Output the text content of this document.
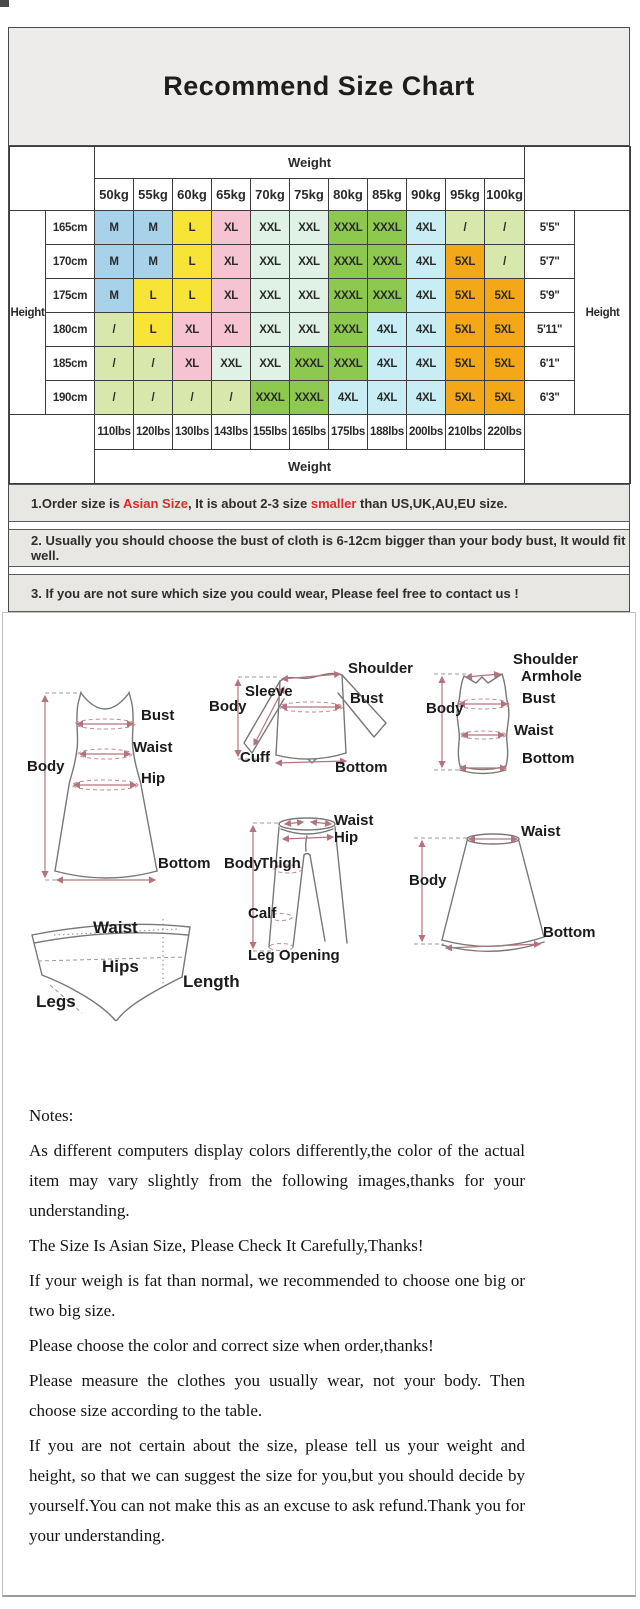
Recommend Size Chart
		Weight												
		50kg	55kg	60kg	65kg	70kg	75kg	80kg	85kg	90kg	95kg	100kg		
Height	165cm	M	M	L	XL	XXL	XXL	XXXL	XXXL	4XL	/	/	5'5"	Height
	170cm	M	M	L	XL	XXL	XXL	XXXL	XXXL	4XL	5XL	/	5'7"	
	175cm	M	L	L	XL	XXL	XXL	XXXL	XXXL	4XL	5XL	5XL	5'9"	
	180cm	/	L	XL	XL	XXL	XXL	XXXL	4XL	4XL	5XL	5XL	5'11"	
	185cm	/	/	XL	XXL	XXL	XXXL	XXXL	4XL	4XL	5XL	5XL	6'1"	
	190cm	/	/	/	/	XXXL	XXXL	4XL	4XL	4XL	5XL	5XL	6'3"	
		110lbs	120lbs	130lbs	143lbs	155lbs	165lbs	175lbs	188lbs	200lbs	210lbs	220lbs		
		Weight												
1.Order size is Asian Size, It is about 2-3 size smaller than US,UK,AU,EU size.
2. Usually you should choose the bust of cloth is 6-12cm bigger than your body bust, It would fit well.
3. If you are not sure which size you could wear, Please feel free to contact us !
Body
Bust
Waist
Hip
Bottom
Sleeve
Body
Cuff
Shoulder
Bust
Bottom
Shoulder
Armhole
Bust
Body
Waist
Bottom
Waist
Hip
Body
Thigh
Calf
Leg Opening
Waist
Body
Bottom
Waist
Hips
Legs
Length

Notes:

As different computers display colors differently,the color of the actual item may vary slightly from the following images,thanks for your understanding.

The Size Is Asian Size, Please Check It Carefully,Thanks!

If your weigh is fat than normal, we recommended to choose one big or two big size.

Please choose the color and correct size when order,thanks!

Please measure the clothes you usually wear, not your body. Then choose size according to the table.

If you are not certain about the size, please tell us your weight and height, so that we can suggest the size for you,but you should decide by yourself.You can not make this as an excuse to ask refund.Thank you for your understanding.
